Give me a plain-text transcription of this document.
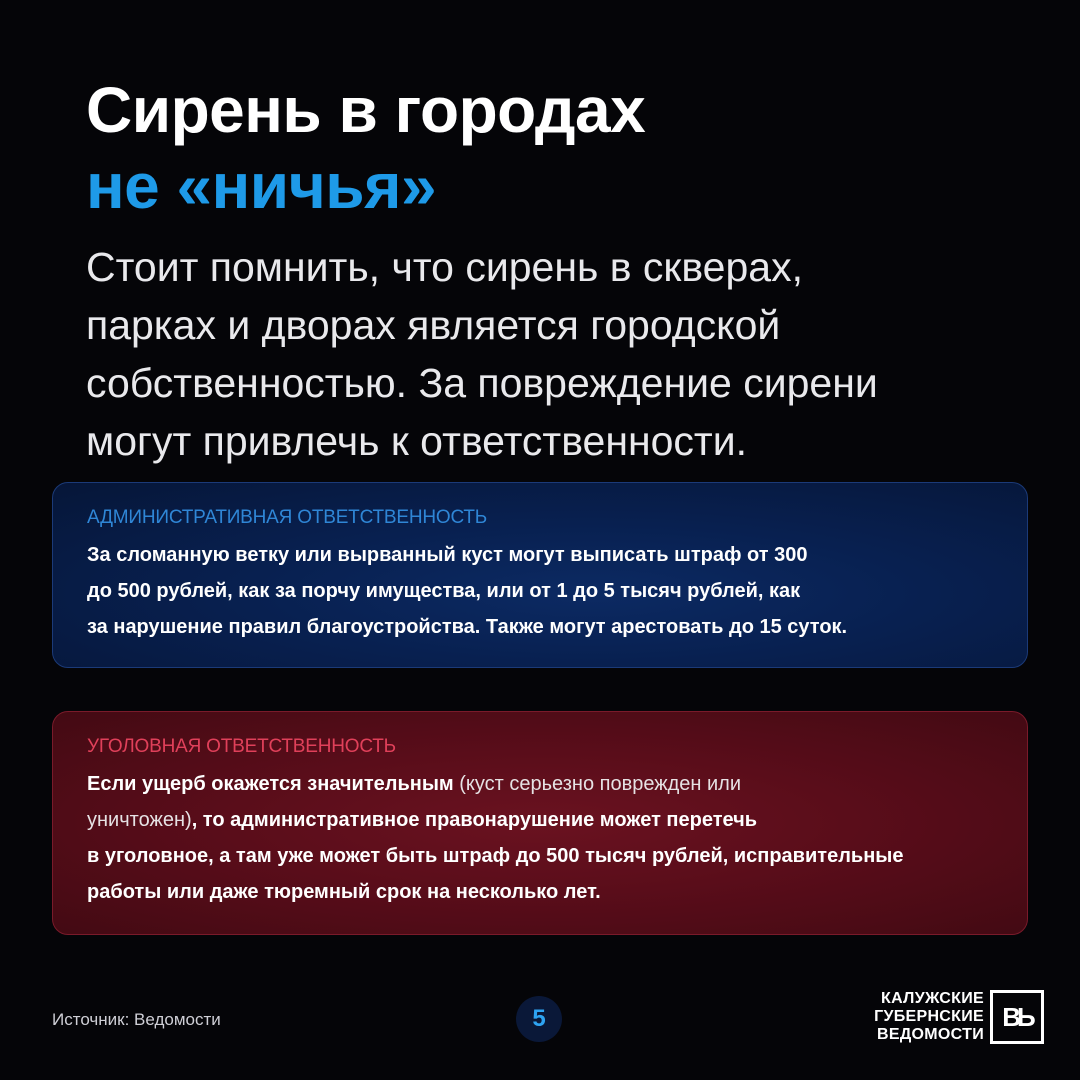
Сирень в городах
не «ничья»

Стоит помнить, что сирень в скверах,
парках и дворах является городской
собственностью. За повреждение сирени
могут привлечь к ответственности.

АДМИНИСТРАТИВНАЯ ОТВЕТСТВЕННОСТЬ
За сломанную ветку или вырванный куст могут выписать штраф от 300
до 500 рублей, как за порчу имущества, или от 1 до 5 тысяч рублей, как
за нарушение правил благоустройства. Также могут арестовать до 15 суток.
УГОЛОВНАЯ ОТВЕТСТВЕННОСТЬ
Если ущерб окажется значительным (куст серьезно поврежден или
уничтожен), то административное правонарушение может перетечь
в уголовное, а там уже может быть штраф до 500 тысяч рублей, исправительные
работы или даже тюремный срок на несколько лет.
Источник: Ведомости	5
КАЛУЖСКИЕ
ГУБЕРНСКИЕ
ВЕДОМОСТИ
ВЬ
